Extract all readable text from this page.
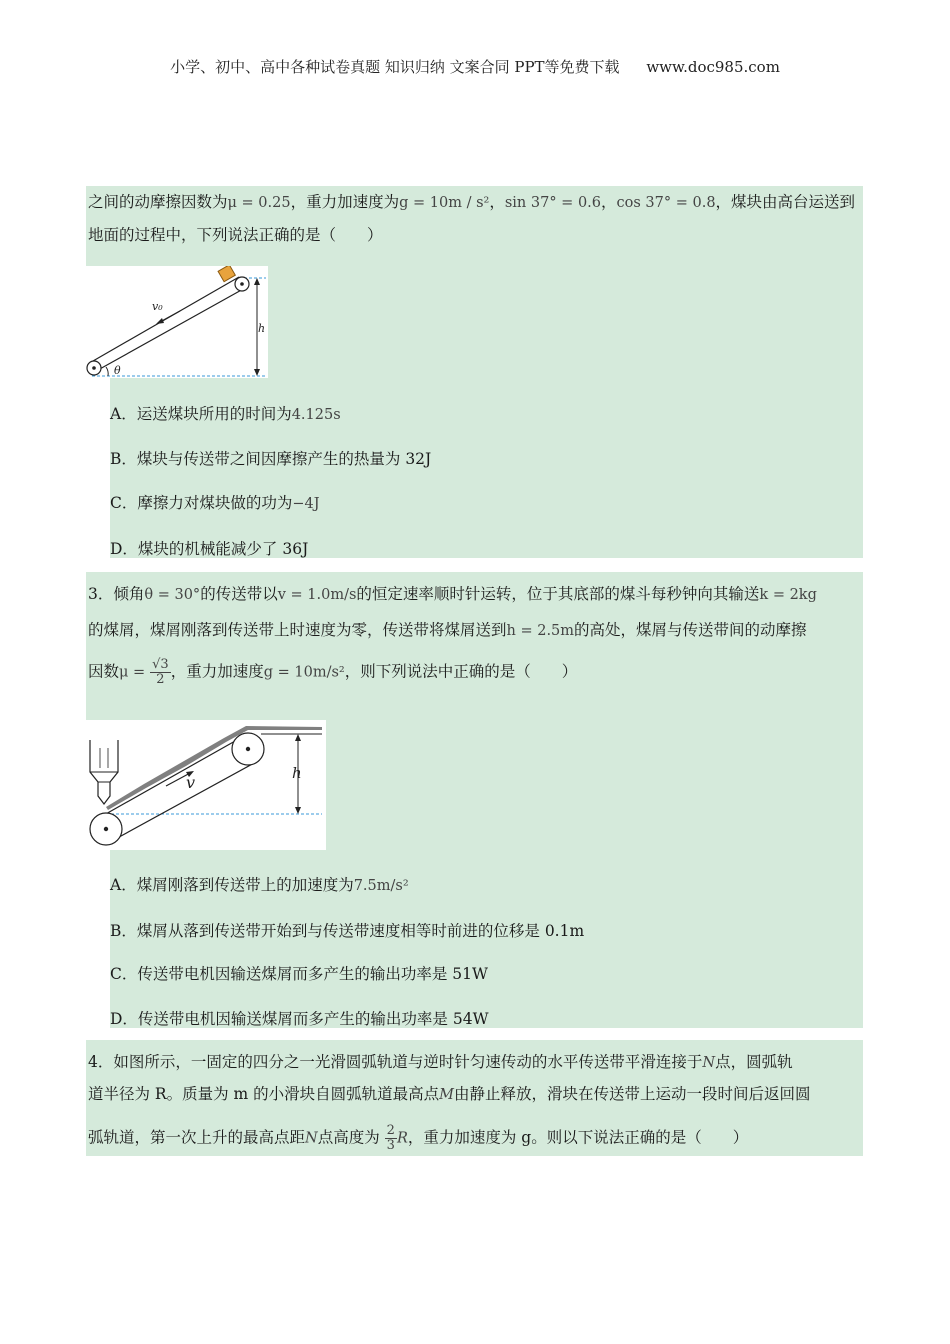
小学、初中、高中各种试卷真题 知识归纳 文案合同 PPT等免费下载 www.doc985.com
之间的动摩擦因数为μ = 0.25，重力加速度为g = 10m / s²，sin 37° = 0.6，cos 37° = 0.8，煤块由高台运送到
地面的过程中，下列说法正确的是（　　）
v₀
h
θ
A．运送煤块所用的时间为4.125s
B．煤块与传送带之间因摩擦产生的热量为 32J
C．摩擦力对煤块做的功为−4J
D．煤块的机械能减少了 36J
3．倾角θ = 30°的传送带以v = 1.0m/s的恒定速率顺时针运转，位于其底部的煤斗每秒钟向其输送k = 2kg
的煤屑，煤屑刚落到传送带上时速度为零，传送带将煤屑送到h = 2.5m的高处，煤屑与传送带间的动摩擦
因数$\mu = \frac{√3}{2}$ ，重力加速度g = 10m/s²，则下列说法中正确的是（　　）
v	h
A．煤屑刚落到传送带上的加速度为7.5m/s²
B．煤屑从落到传送带开始到与传送带速度相等时前进的位移是 0.1m
C．传送带电机因输送煤屑而多产生的输出功率是 51W
D．传送带电机因输送煤屑而多产生的输出功率是 54W
4．如图所示，一固定的四分之一光滑圆弧轨道与逆时针匀速传动的水平传送带平滑连接于N点，圆弧轨
道半径为 R。质量为 m 的小滑块自圆弧轨道最高点M由静止释放，滑块在传送带上运动一段时间后返回圆
弧轨道，第一次上升的最高点距N点高度为 $\frac{2}{3}$ R，重力加速度为 g。则以下说法正确的是（　　）
